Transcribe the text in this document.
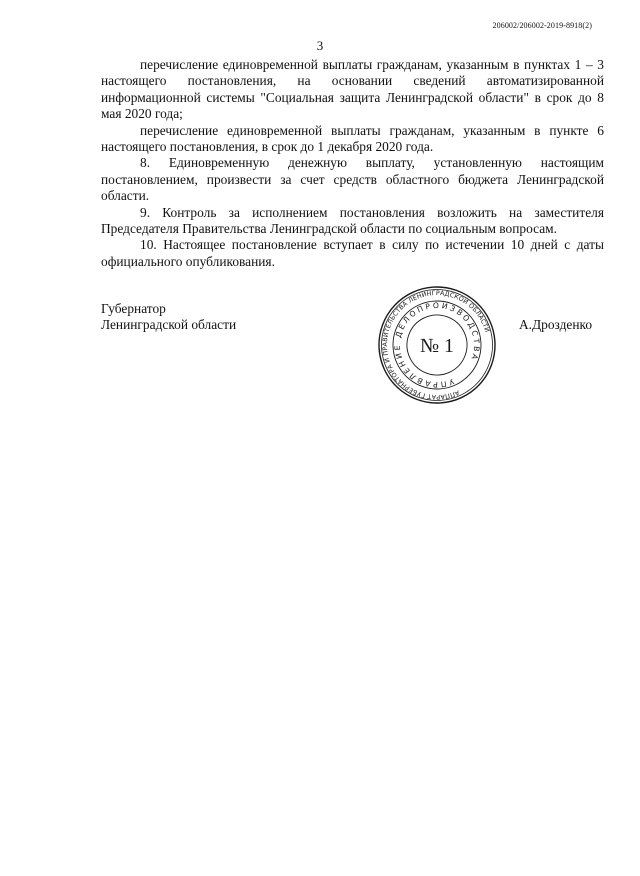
206002/206002-2019-8918(2)
3

перечисление единовременной выплаты гражданам, указанным в пунктах 1 – 3 настоящего постановления, на основании сведений автоматизированной информационной системы "Социальная защита Ленинградской области" в срок до 8 мая 2020 года;

перечисление единовременной выплаты гражданам, указанным в пункте 6 настоящего постановления, в срок до 1 декабря 2020 года.

8. Единовременную денежную выплату, установленную настоящим постановлением, произвести за счет средств областного бюджета Ленинградской области.

9. Контроль за исполнением постановления возложить на заместителя Председателя Правительства Ленинградской области по социальным вопросам.

10. Настоящее постановление вступает в силу по истечении 10 дней с даты официального опубликования.

Губернатор
Ленинградской области	А.Дрозденко
АППАРАТ ГУБЕРНАТОРА И ПРАВИТЕЛЬСТВА ЛЕНИНГРАДСКОЙ ОБЛАСТИ
УПРАВЛЕНИЕ ДЕЛОПРОИЗВОДСТВА
№ 1
